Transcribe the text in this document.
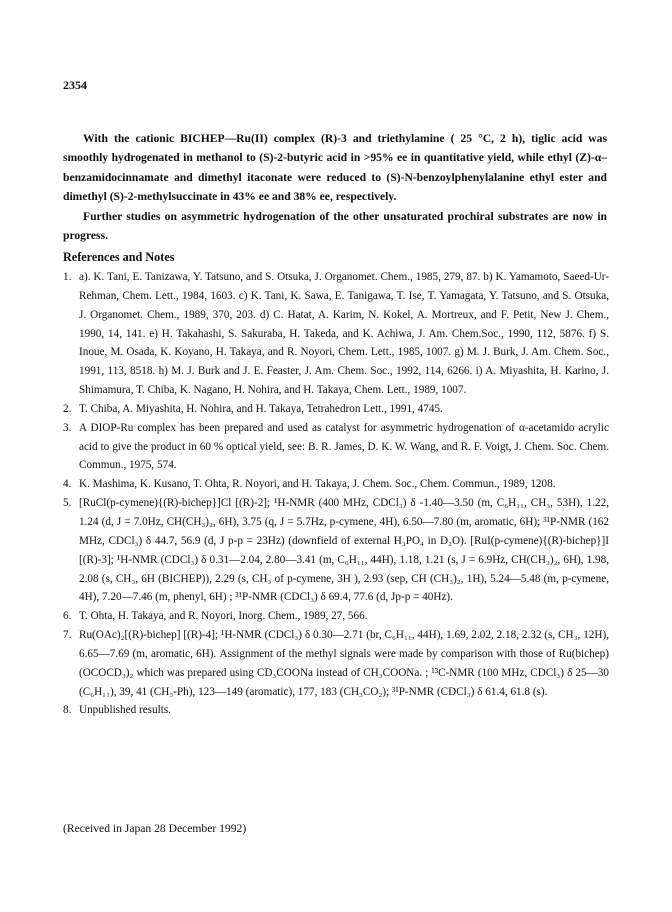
2354

With the cationic BICHEP—Ru(II) complex (R)-3 and triethylamine ( 25 °C, 2 h), tiglic acid was smoothly hydrogenated in methanol to (S)-2-butyric acid in >95% ee in quantitative yield, while ethyl (Z)-α–benzamidocinnamate and dimethyl itaconate were reduced to (S)-N-benzoylphenylalanine ethyl ester and dimethyl (S)-2-methylsuccinate in 43% ee and 38% ee, respectively.

Further studies on asymmetric hydrogenation of the other unsaturated prochiral substrates are now in progress.

References and Notes
1. a). K. Tani, E. Tanizawa, Y. Tatsuno, and S. Otsuka, J. Organomet. Chem., 1985, 279, 87. b) K. Yamamoto, Saeed-Ur-Rehman, Chem. Lett., 1984, 1603. c) K. Tani, K. Sawa, E. Tanigawa, T. Ise, T. Yamagata, Y. Tatsuno, and S. Otsuka, J. Organomet. Chem., 1989, 370, 203. d) C. Hatat, A. Karim, N. Kokel, A. Mortreux, and F. Petit, New J. Chem., 1990, 14, 141. e) H. Takahashi, S. Sakuraba, H. Takeda, and K. Achiwa, J. Am. Chem.Soc., 1990, 112, 5876. f) S. Inoue, M. Osada, K. Koyano, H. Takaya, and R. Noyori, Chem. Lett., 1985, 1007. g) M. J. Burk, J. Am. Chem. Soc., 1991, 113, 8518. h) M. J. Burk and J. E. Feaster, J. Am. Chem. Soc., 1992, 114, 6266. i) A. Miyashita, H. Karino, J. Shimamura, T. Chiba, K. Nagano, H. Nohira, and H. Takaya, Chem. Lett., 1989, 1007.
2. T. Chiba, A. Miyashita, H. Nohira, and H. Takaya, Tetrahedron Lett., 1991, 4745.
3. A DIOP-Ru complex has been prepared and used as catalyst for asymmetric hydrogenation of α-acetamido acrylic acid to give the product in 60 % optical yield, see: B. R. James, D. K. W. Wang, and R. F. Voigt, J. Chem. Soc. Chem. Commun., 1975, 574.
4. K. Mashima, K. Kusano, T. Ohta, R. Noyori, and H. Takaya, J. Chem. Soc., Chem. Commun., 1989, 1208.
5. [RuCl(p-cymene){(R)-bichep}]Cl [(R)-2]; ¹H-NMR (400 MHz, CDCl₃) δ -1.40—3.50 (m, C₆H₁₁, CH₃, 53H), 1.22, 1.24 (d, J = 7.0Hz, CH(CH₃)₂, 6H), 3.75 (q, J = 5.7Hz, p-cymene, 4H), 6.50—7.80 (m, aromatic, 6H); ³¹P-NMR (162 MHz, CDCl₃) δ 44.7, 56.9 (d, J p-p = 23Hz) (downfield of external H₃PO₄ in D₂O). [RuI(p-cymene){(R)-bichep}]I [(R)-3]; ¹H-NMR (CDCl₃) δ 0.31—2.04, 2.80—3.41 (m, C₆H₁₁, 44H), 1.18, 1.21 (s, J = 6.9Hz, CH(CH₃)₂, 6H), 1.98, 2.08 (s, CH₃, 6H (BICHEP)), 2.29 (s, CH₃ of p-cymene, 3H ), 2.93 (sep, CH (CH₃)₂, 1H), 5.24—5.48 (m, p-cymene, 4H), 7.20—7.46 (m, phenyl, 6H) ; ³¹P-NMR (CDCl₃) δ 69.4, 77.6 (d, Jp-p = 40Hz).
6. T. Ohta, H. Takaya, and R. Noyori, Inorg. Chem., 1989, 27, 566.
7. Ru(OAc)₂[(R)-bichep] [(R)-4]; ¹H-NMR (CDCl₃) δ 0.30—2.71 (br, C₆H₁₁, 44H), 1.69, 2.02, 2.18, 2.32 (s, CH₃, 12H), 6.65—7.69 (m, aromatic, 6H). Assignment of the methyl signals were made by comparison with those of Ru(bichep)(OCOCD₃)₂ which was prepared using CD₃COONa instead of CH₃COONa. ; ¹³C-NMR (100 MHz, CDCl₃) δ 25—30 (C₆H₁₁), 39, 41 (CH₃-Ph), 123—149 (aromatic), 177, 183 (CH₃CO₂); ³¹P-NMR (CDCl₃) δ 61.4, 61.8 (s).
8. Unpublished results.
(Received in Japan 28 December 1992)
